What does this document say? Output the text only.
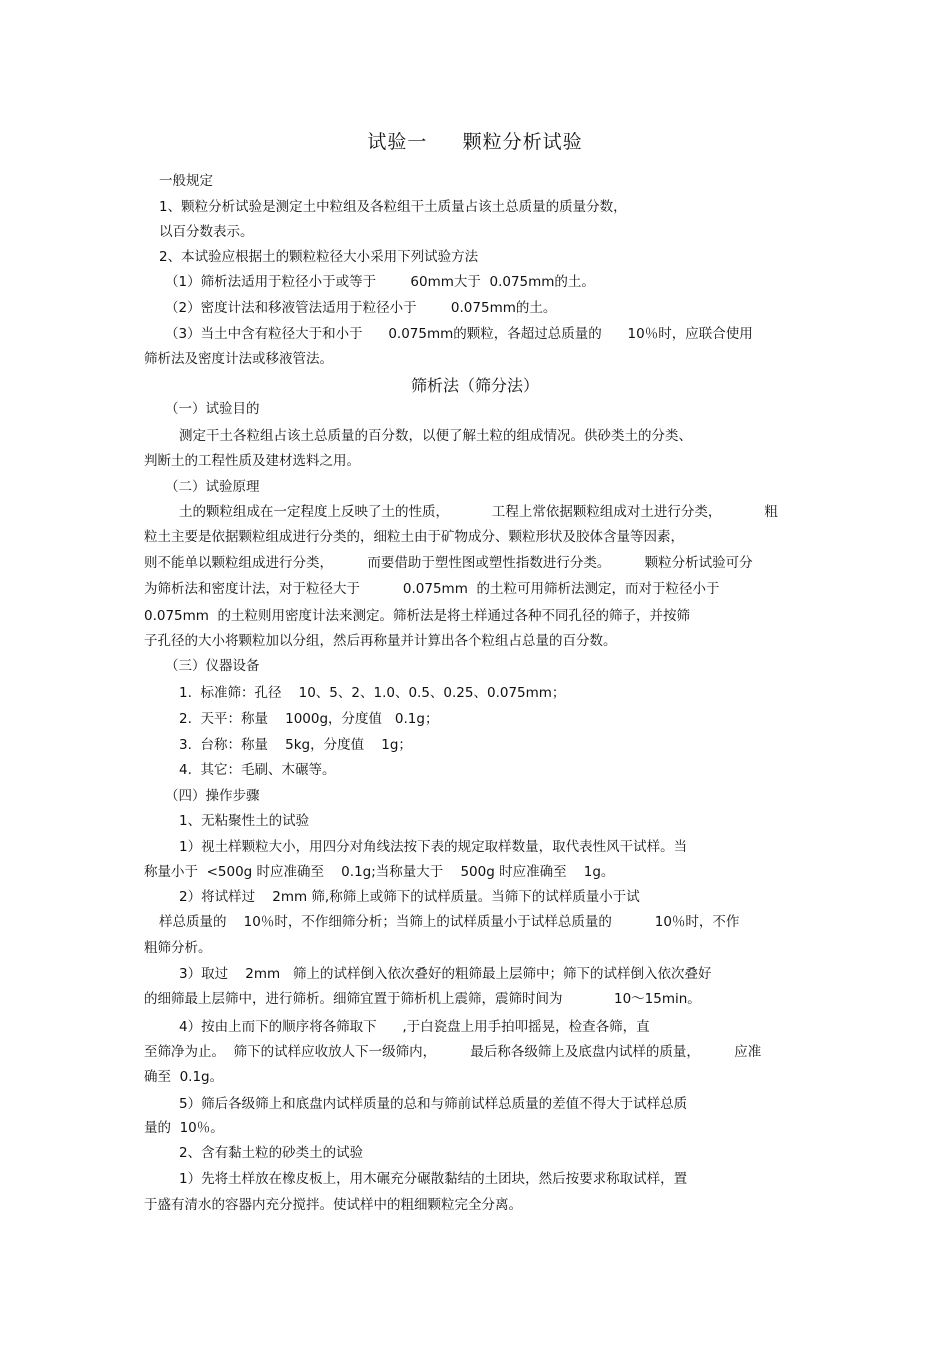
试验一     颗粒分析试验
筛析法（筛分法）
一般规定
1、颗粒分析试验是测定土中粒组及各粒组干土质量占该土总质量的质量分数，
以百分数表示。
2、本试验应根据土的颗粒粒径大小采用下列试验方法
（1）筛析法适用于粒径小于或等于        60mm大于  0.075mm的土。
（2）密度计法和移液管法适用于粒径小于        0.075mm的土。
（3）当土中含有粒径大于和小于      0.075mm的颗粒，各超过总质量的      10％时，应联合使用
筛析法及密度计法或移液管法。
（一）试验目的
测定干土各粒组占该土总质量的百分数，以便了解土粒的组成情况。供砂类土的分类、
判断土的工程性质及建材选料之用。
（二）试验原理
土的颗粒组成在一定程度上反映了土的性质，          工程上常依据颗粒组成对土进行分类，          粗
粒土主要是依据颗粒组成进行分类的，细粒土由于矿物成分、颗粒形状及胶体含量等因素，
则不能单以颗粒组成进行分类，        而要借助于塑性图或塑性指数进行分类。        颗粒分析试验可分
为筛析法和密度计法，对于粒径大于          0.075mm  的土粒可用筛析法测定，而对于粒径小于
0.075mm  的土粒则用密度计法来测定。筛析法是将土样通过各种不同孔径的筛子，并按筛
子孔径的大小将颗粒加以分组，然后再称量并计算出各个粒组占总量的百分数。
（三）仪器设备
1.  标准筛：孔径    10、5、2、1.0、0.5、0.25、0.075mm；
2.  天平：称量    1000g，分度值   0.1g；
3.  台称：称量    5kg，分度值    1g；
4.  其它：毛刷、木碾等。
（四）操作步骤
1、无粘聚性土的试验
1）视土样颗粒大小，用四分对角线法按下表的规定取样数量，取代表性风干试样。当
称量小于  <500g 时应准确至    0.1g;当称量大于    500g 时应准确至    1g。
2）将试样过    2mm 筛,称筛上或筛下的试样质量。当筛下的试样质量小于试
样总质量的    10％时，不作细筛分析；当筛上的试样质量小于试样总质量的          10％时，不作
粗筛分析。
3）取过    2mm   筛上的试样倒入依次叠好的粗筛最上层筛中；筛下的试样倒入依次叠好
的细筛最上层筛中，进行筛析。细筛宜置于筛析机上震筛，震筛时间为            10～15min。
4）按由上而下的顺序将各筛取下      ,于白瓷盘上用手拍叩摇晃，检查各筛，直
至筛净为止。  筛下的试样应收放人下一级筛内，        最后称各级筛上及底盘内试样的质量，        应准
确至  0.1g。
5）筛后各级筛上和底盘内试样质量的总和与筛前试样总质量的差值不得大于试样总质
量的  10％。
2、含有黏土粒的砂类土的试验
1）先将土样放在橡皮板上，用木碾充分碾散黏结的土团块，然后按要求称取试样，置
于盛有清水的容器内充分搅拌。使试样中的粗细颗粒完全分离。
